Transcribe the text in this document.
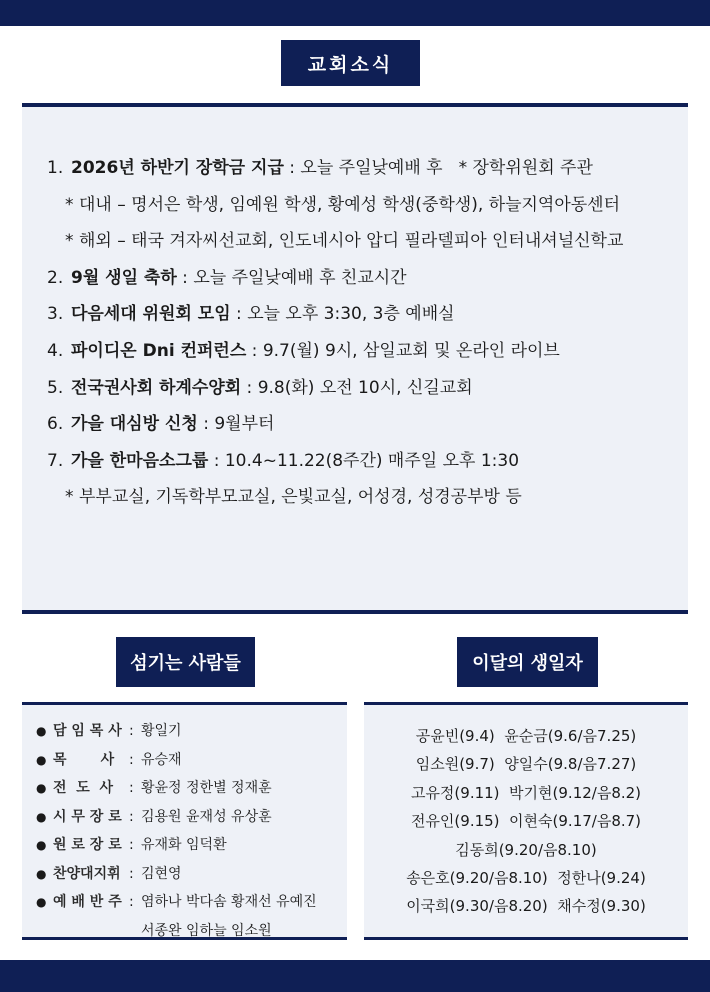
교회소식
1. 2026년 하반기 장학금 지급 : 오늘 주일낮예배 후 * 장학위원회 주관
* 대내 – 명서은 학생, 임예원 학생, 황예성 학생(중학생), 하늘지역아동센터
* 해외 – 태국 겨자씨선교회, 인도네시아 압디 필라델피아 인터내셔널신학교
2. 9월 생일 축하 : 오늘 주일낮예배 후 친교시간
3. 다음세대 위원회 모임 : 오늘 오후 3:30, 3층 예배실
4. 파이디온 Dni 컨퍼런스 : 9.7(월) 9시, 삼일교회 및 온라인 라이브
5. 전국권사회 하계수양회 : 9.8(화) 오전 10시, 신길교회
6. 가을 대심방 신청 : 9월부터
7. 가을 한마음소그룹 : 10.4~11.22(8주간) 매주일 오후 1:30
* 부부교실, 기독학부모교실, 은빛교실, 어성경, 성경공부방 등
섬기는 사람들	이달의 생일자
● 담 임 목 사 : 황일기
● 목       사	: 유승재
● 전  도  사	: 황윤정 정한별 정재훈
● 시 무 장 로 : 김용원 윤재성 유상훈
● 원 로 장 로 : 유재화 임덕환
● 찬양대지휘 : 김현영
● 예 배 반 주 : 염하나 박다솜 황재선 유예진
서종완 임하늘 임소원
공윤빈(9.4)  윤순금(9.6/음7.25)
임소원(9.7)  양일수(9.8/음7.27)
고유정(9.11)  박기현(9.12/음8.2)
전유인(9.15)  이현숙(9.17/음8.7)
김동희(9.20/음8.10)
송은호(9.20/음8.10)  정한나(9.24)
이국희(9.30/음8.20)  채수정(9.30)
